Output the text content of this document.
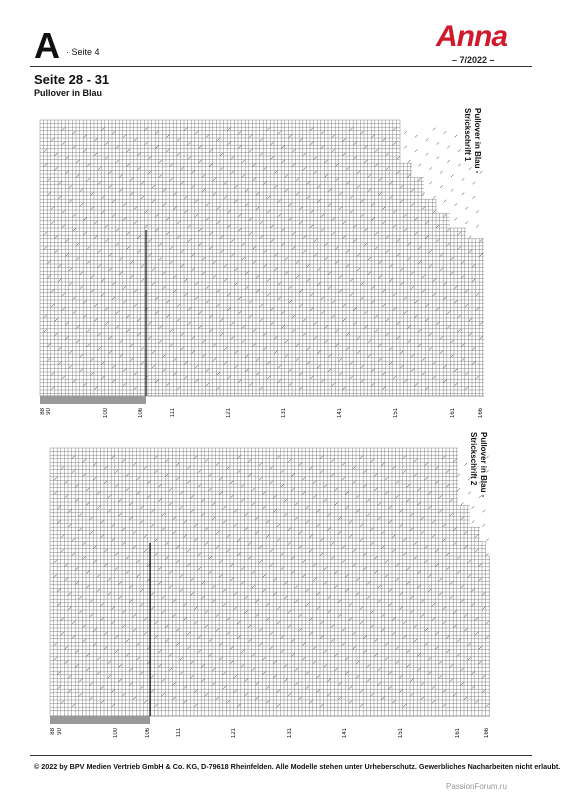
A · Seite 4	Anna
– 7/2022 –
Seite 28 - 31
Pullover in Blau
Pullover in Blau -
Strickschrift 1
88 90	100	106	111	121	131	141	151	161	166
Pullover in Blau -
Strickschrift 2
88 90	100	106	111	121	131	141	151	161	166
© 2022 by BPV Medien Vertrieb GmbH & Co. KG, D-79618 Rheinfelden. Alle Modelle stehen unter Urheberschutz. Gewerbliches Nacharbeiten nicht erlaubt.
PassionForum.ru
